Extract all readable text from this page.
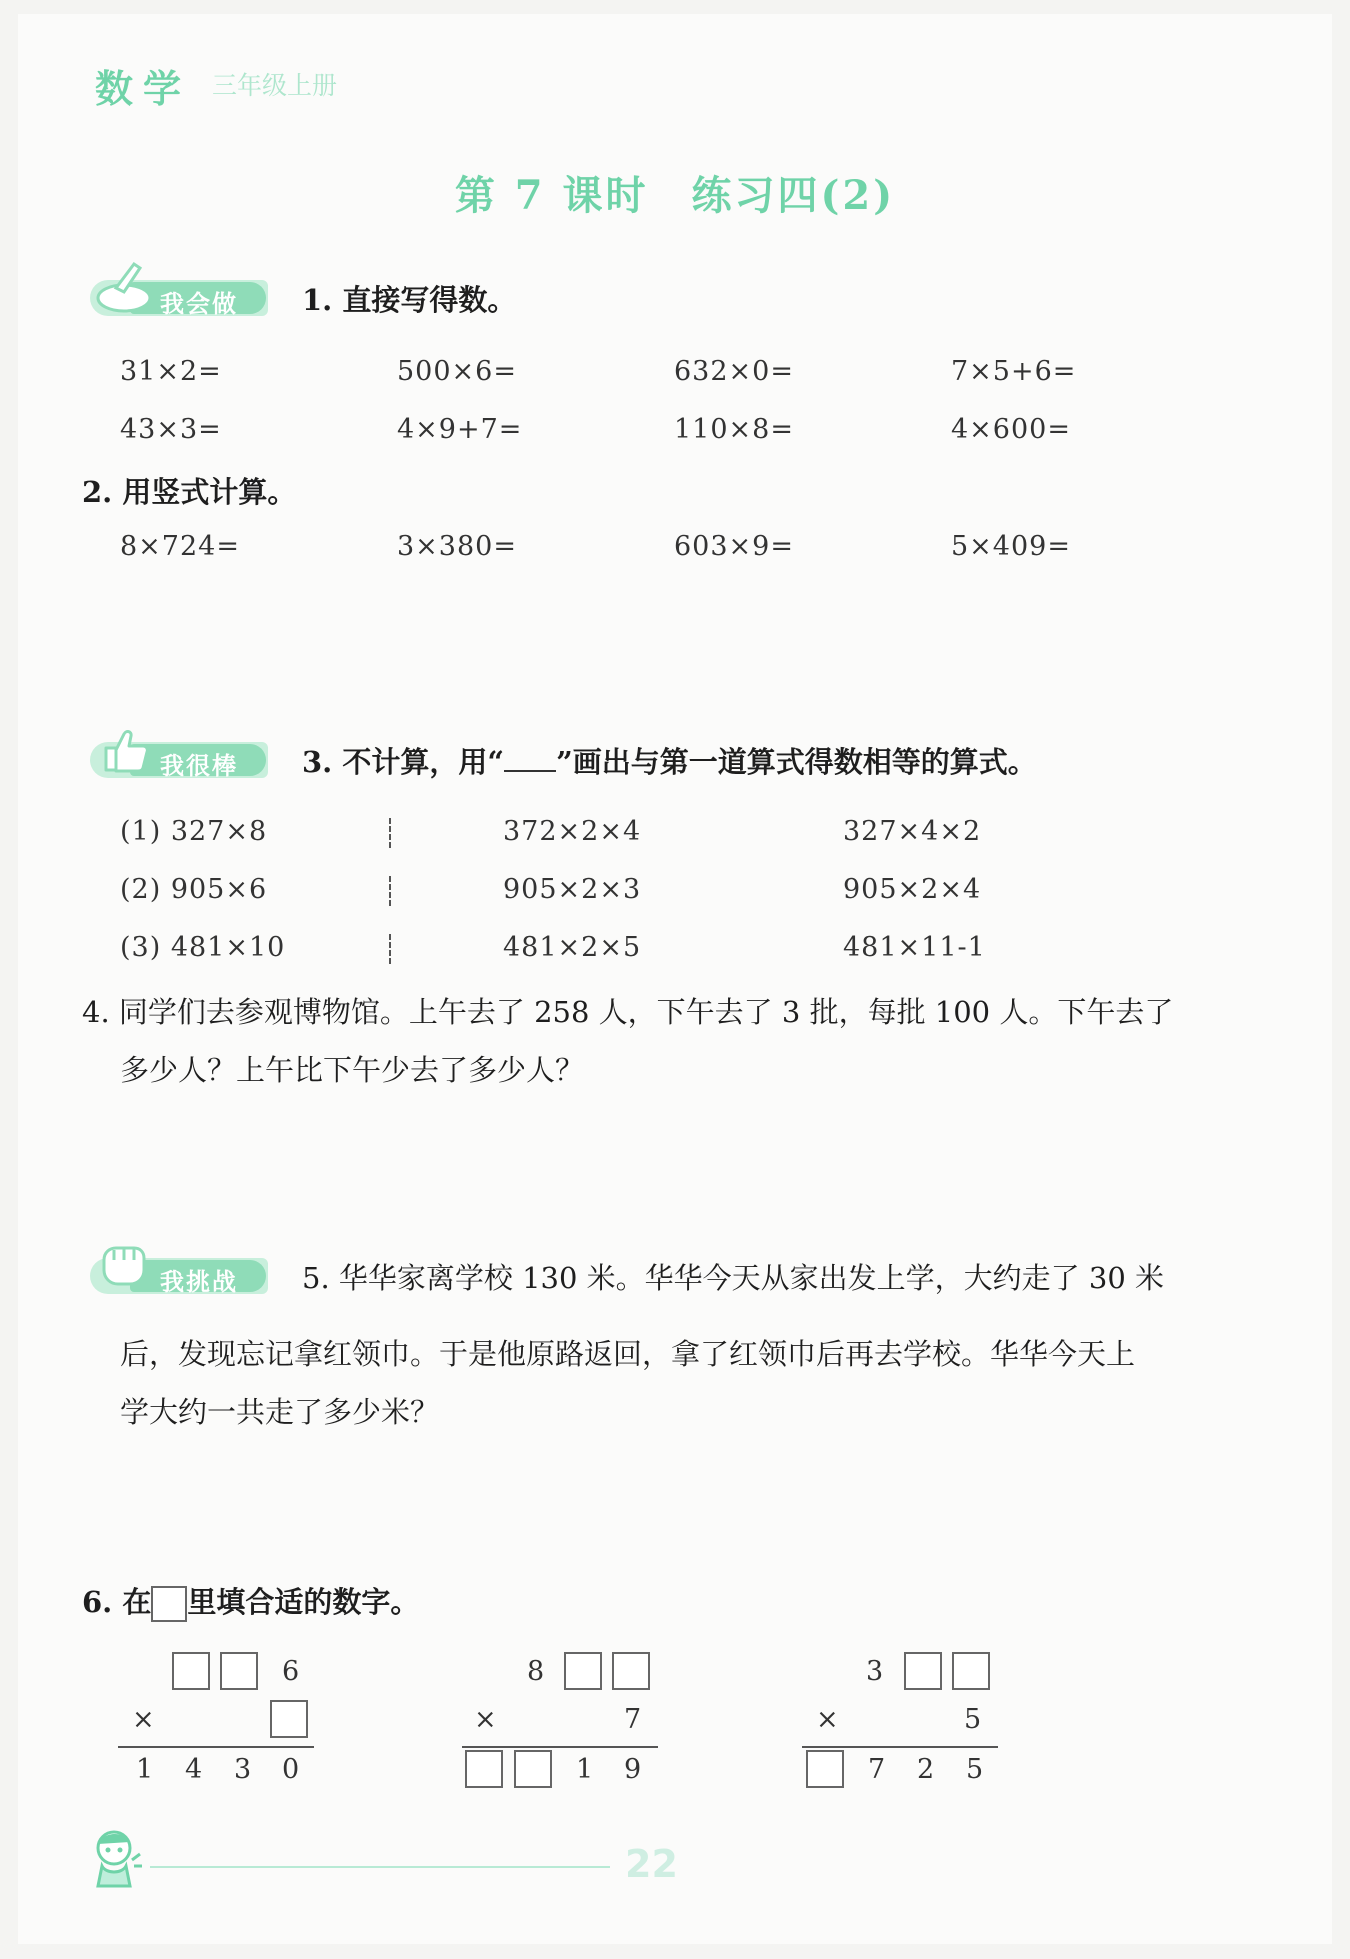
数学 三年级上册
第 7 课时　练习四(2)
我会做 1. 直接写得数。
31×2=	500×6=	632×0=	7×5+6=
43×3=	4×9+7=	110×8=	4×600=
2. 用竖式计算。
8×724=	3×380=	603×9=	5×409=
我很棒 3. 不计算，用“ ”画出与第一道算式得数相等的算式。
(1) 327×8	372×2×4	327×4×2
(2) 905×6	905×2×3	905×2×4
(3) 481×10	481×2×5	481×11-1
4. 同学们去参观博物馆。上午去了 258 人，下午去了 3 批，每批 100 人。下午去了
多少人？上午比下午少去了多少人？
我挑战 5. 华华家离学校 130 米。华华今天从家出发上学，大约走了 30 米
后，发现忘记拿红领巾。于是他原路返回，拿了红领巾后再去学校。华华今天上
学大约一共走了多少米？
6. 在 里填合适的数字。
6
×
1 4 3 0
8
×	7
1 9
3
×	5
7 2 5
22
